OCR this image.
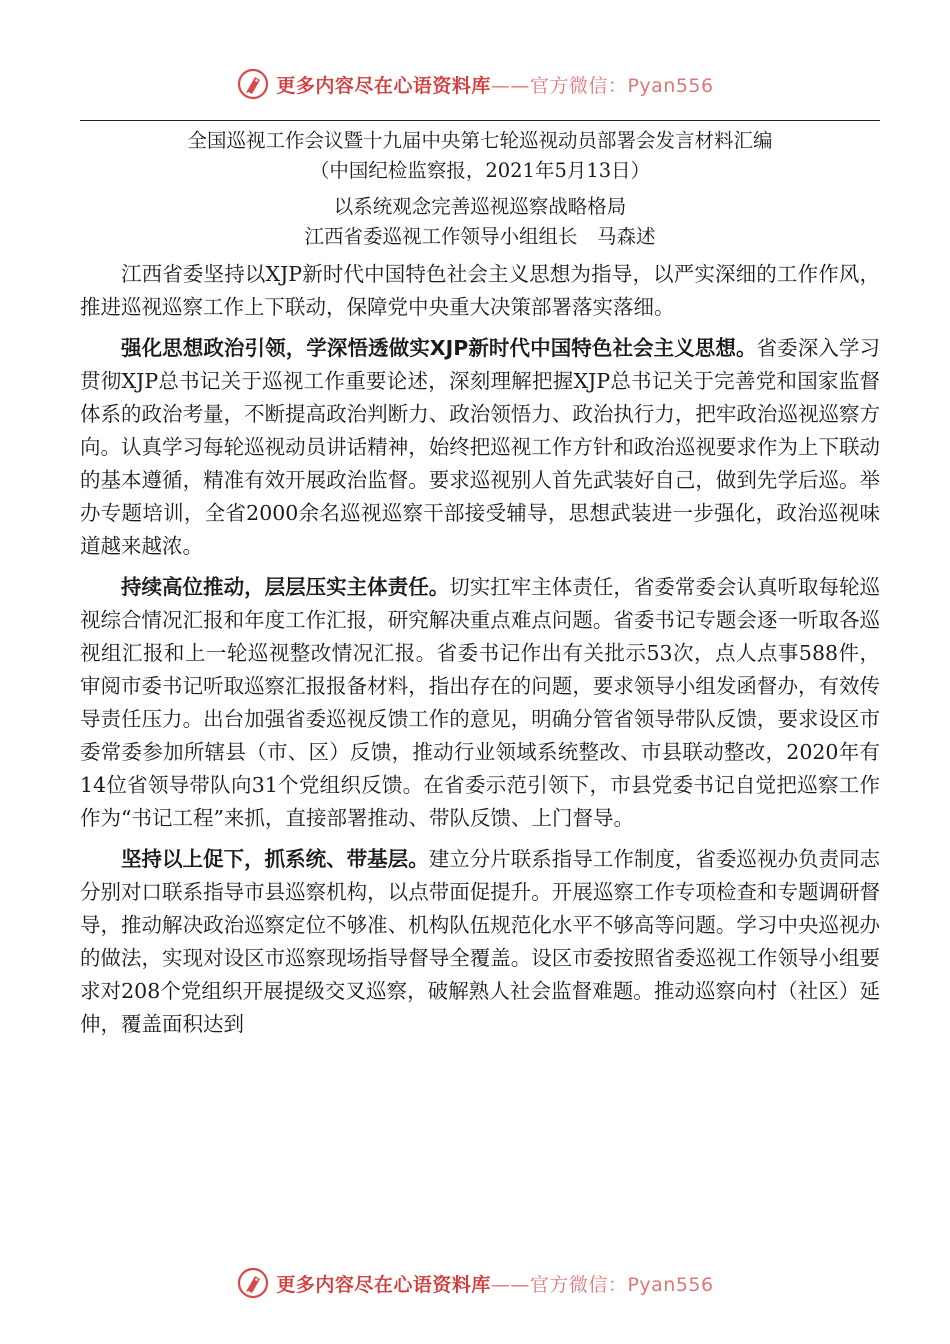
更多内容尽在心语资料库——官方微信：Pyan556

全国巡视工作会议暨十九届中央第七轮巡视动员部署会发言材料汇编

（中国纪检监察报，2021年5月13日）

以系统观念完善巡视巡察战略格局

江西省委巡视工作领导小组组长　马森述

江西省委坚持以XJP新时代中国特色社会主义思想为指导，以严实深细的工作作风，推进巡视巡察工作上下联动，保障党中央重大决策部署落实落细。

强化思想政治引领，学深悟透做实XJP新时代中国特色社会主义思想。省委深入学习贯彻XJP总书记关于巡视工作重要论述，深刻理解把握XJP总书记关于完善党和国家监督体系的政治考量，不断提高政治判断力、政治领悟力、政治执行力，把牢政治巡视巡察方向。认真学习每轮巡视动员讲话精神，始终把巡视工作方针和政治巡视要求作为上下联动的基本遵循，精准有效开展政治监督。要求巡视别人首先武装好自己，做到先学后巡。举办专题培训，全省2000余名巡视巡察干部接受辅导，思想武装进一步强化，政治巡视味道越来越浓。

持续高位推动，层层压实主体责任。切实扛牢主体责任，省委常委会认真听取每轮巡视综合情况汇报和年度工作汇报，研究解决重点难点问题。省委书记专题会逐一听取各巡视组汇报和上一轮巡视整改情况汇报。省委书记作出有关批示53次，点人点事588件，审阅市委书记听取巡察汇报报备材料，指出存在的问题，要求领导小组发函督办，有效传导责任压力。出台加强省委巡视反馈工作的意见，明确分管省领导带队反馈，要求设区市委常委参加所辖县（市、区）反馈，推动行业领域系统整改、市县联动整改，2020年有14位省领导带队向31个党组织反馈。在省委示范引领下，市县党委书记自觉把巡察工作作为“书记工程”来抓，直接部署推动、带队反馈、上门督导。

坚持以上促下，抓系统、带基层。建立分片联系指导工作制度，省委巡视办负责同志分别对口联系指导市县巡察机构，以点带面促提升。开展巡察工作专项检查和专题调研督导，推动解决政治巡察定位不够准、机构队伍规范化水平不够高等问题。学习中央巡视办的做法，实现对设区市巡察现场指导督导全覆盖。设区市委按照省委巡视工作领导小组要求对208个党组织开展提级交叉巡察，破解熟人社会监督难题。推动巡察向村（社区）延伸，覆盖面积达到

更多内容尽在心语资料库——官方微信：Pyan556
